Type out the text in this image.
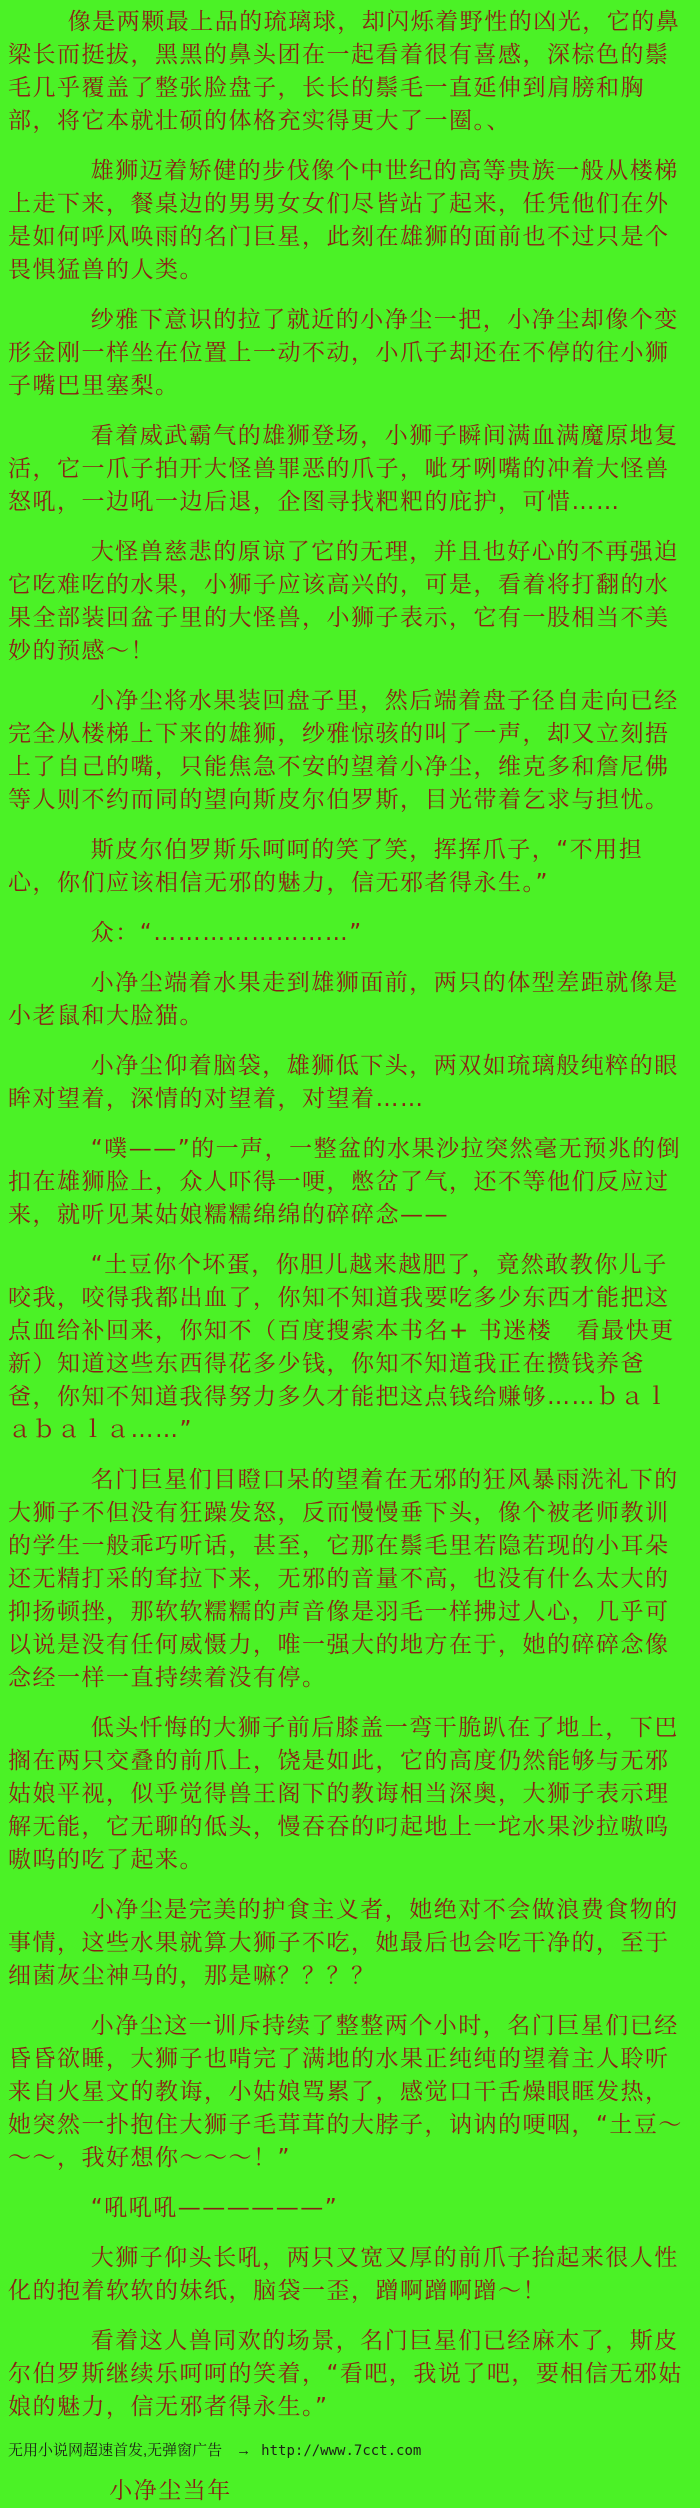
像是两颗最上品的琉璃球，却闪烁着野性的凶光，它的鼻梁长而挺拔，黑黑的鼻头团在一起看着很有喜感，深棕色的鬃毛几乎覆盖了整张脸盘子，长长的鬃毛一直延伸到肩膀和胸部，将它本就壮硕的体格充实得更大了一圈。、

雄狮迈着矫健的步伐像个中世纪的高等贵族一般从楼梯上走下来，餐桌边的男男女女们尽皆站了起来，任凭他们在外是如何呼风唤雨的名门巨星，此刻在雄狮的面前也不过只是个畏惧猛兽的人类。

纱雅下意识的拉了就近的小净尘一把，小净尘却像个变形金刚一样坐在位置上一动不动，小爪子却还在不停的往小狮子嘴巴里塞梨。

看着威武霸气的雄狮登场，小狮子瞬间满血满魔原地复活，它一爪子拍开大怪兽罪恶的爪子，呲牙咧嘴的冲着大怪兽怒吼，一边吼一边后退，企图寻找粑粑的庇护，可惜……

大怪兽慈悲的原谅了它的无理，并且也好心的不再强迫它吃难吃的水果，小狮子应该高兴的，可是，看着将打翻的水果全部装回盆子里的大怪兽，小狮子表示，它有一股相当不美妙的预感～！

小净尘将水果装回盘子里，然后端着盘子径自走向已经完全从楼梯上下来的雄狮，纱雅惊骇的叫了一声，却又立刻捂上了自己的嘴，只能焦急不安的望着小净尘，维克多和詹尼佛等人则不约而同的望向斯皮尔伯罗斯，目光带着乞求与担忧。

斯皮尔伯罗斯乐呵呵的笑了笑，挥挥爪子，“不用担心，你们应该相信无邪的魅力，信无邪者得永生。”

众：“……………………”

小净尘端着水果走到雄狮面前，两只的体型差距就像是小老鼠和大脸猫。

小净尘仰着脑袋，雄狮低下头，两双如琉璃般纯粹的眼眸对望着，深情的对望着，对望着……

“噗——”的一声，一整盆的水果沙拉突然毫无预兆的倒扣在雄狮脸上，众人吓得一哽，憋岔了气，还不等他们反应过来，就听见某姑娘糯糯绵绵的碎碎念——

“土豆你个坏蛋，你胆儿越来越肥了，竟然敢教你儿子咬我，咬得我都出血了，你知不知道我要吃多少东西才能把这点血给补回来，你知不（百度搜索本书名+ 书迷楼　看最快更新）知道这些东西得花多少钱，你知不知道我正在攒钱养爸爸，你知不知道我得努力多久才能把这点钱给赚够……ｂａｌａｂａｌａ……”

名门巨星们目瞪口呆的望着在无邪的狂风暴雨洗礼下的大狮子不但没有狂躁发怒，反而慢慢垂下头，像个被老师教训的学生一般乖巧听话，甚至，它那在鬃毛里若隐若现的小耳朵还无精打采的耷拉下来，无邪的音量不高，也没有什么太大的抑扬顿挫，那软软糯糯的声音像是羽毛一样拂过人心，几乎可以说是没有任何威慑力，唯一强大的地方在于，她的碎碎念像念经一样一直持续着没有停。

低头忏悔的大狮子前后膝盖一弯干脆趴在了地上，下巴搁在两只交叠的前爪上，饶是如此，它的高度仍然能够与无邪姑娘平视，似乎觉得兽王阁下的教诲相当深奥，大狮子表示理解无能，它无聊的低头，慢吞吞的叼起地上一坨水果沙拉嗷呜嗷呜的吃了起来。

小净尘是完美的护食主义者，她绝对不会做浪费食物的事情，这些水果就算大狮子不吃，她最后也会吃干净的，至于细菌灰尘神马的，那是嘛？？？？

小净尘这一训斥持续了整整两个小时，名门巨星们已经昏昏欲睡，大狮子也啃完了满地的水果正纯纯的望着主人聆听来自火星文的教诲，小姑娘骂累了，感觉口干舌燥眼眶发热，她突然一扑抱住大狮子毛茸茸的大脖子，讷讷的哽咽，“土豆～～～，我好想你～～～！”

“吼吼吼——————”

大狮子仰头长吼，两只又宽又厚的前爪子抬起来很人性化的抱着软软的妹纸，脑袋一歪，蹭啊蹭啊蹭～！

看着这人兽同欢的场景，名门巨星们已经麻木了，斯皮尔伯罗斯继续乐呵呵的笑着，“看吧，我说了吧，要相信无邪姑娘的魅力，信无邪者得永生。”

无用小说网超速首发,无弹窗广告 → http://www.7cct.com

小净尘当年
